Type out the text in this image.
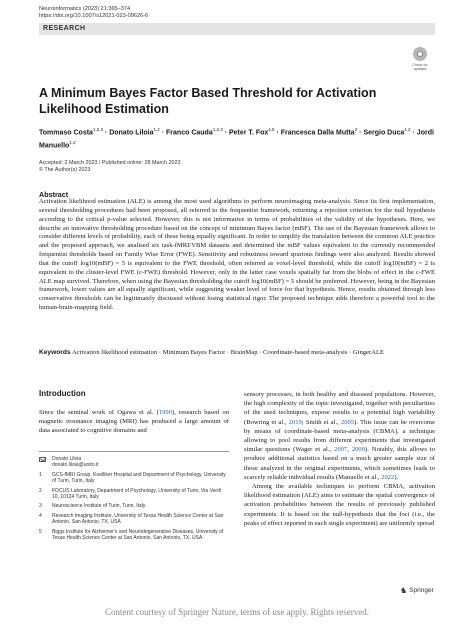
Neuroinformatics (2023) 21:365–374
https://doi.org/10.1007/s12021-023-09626-6
RESEARCH
Check for
updates
A Minimum Bayes Factor Based Threshold for Activation Likelihood Estimation
Tommaso Costa$^{1,2,3}$ · Donato Liloia$^{1,2}$ · Franco Cauda$^{1,2,3}$ · Peter T. Fox$^{4,5}$ · Francesca Dalla Mutta$^2$ · Sergio Duca$^{1,2}$ · Jordi Manuello$^{1,2}$
Accepted: 2 March 2023 / Published online: 28 March 2023
© The Author(s) 2023
Abstract

Activation likelihood estimation (ALE) is among the most used algorithms to perform neuroimaging meta-analysis. Since its first implementation, several thresholding procedures had been proposed, all referred to the frequentist framework, returning a rejection criterion for the null hypothesis according to the critical p-value selected. However, this is not informative in terms of probabilities of the validity of the hypotheses. Here, we describe an innovative thresholding procedure based on the concept of minimum Bayes factor (mBF). The use of the Bayesian framework allows to consider different levels of probability, each of these being equally significant. In order to simplify the translation between the common ALE practice and the proposed approach, we analised six task-fMRI/VBM datasets and determined the mBF values equivalent to the currently recommended frequentist thresholds based on Family Wise Error (FWE). Sensitivity and robustness toward spurious findings were also analyzed. Results showed that the cutoff log10(mBF) = 5 is equivalent to the FWE threshold, often referred as voxel-level threshold, while the cutoff log10(mBF) = 2 is equivalent to the cluster-level FWE (c-FWE) threshold. However, only in the latter case voxels spatially far from the blobs of effect in the c-FWE ALE map survived. Therefore, when using the Bayesian thresholding the cutoff log10(mBF) = 5 should be preferred. However, being in the Bayesian framework, lower values are all equally significant, while suggesting weaker level of force for that hypothesis. Hence, results obtained through less conservative thresholds can be legitimately discussed without losing statistical rigor. The proposed technique adds therefore a powerful tool to the human-brain-mapping field.

Keywords Activation likelihood estimation · Minimum Bayes Factor · BrainMap · Coordinate-based meta-analysis · GingerALE
Introduction

Since the seminal work of Ogawa et al. (1990), research based on magnetic resonance imaging (MRI) has produced a large amount of data associated to cognitive domains and

Donato Liloia
donato.liloia@unito.it
1	GCS-fMRI Group, Koelliker Hospital and Department of Psychology, University of Turin, Turin, Italy
2	FOCUS Laboratory, Department of Psychology, University of Turin, Via Verdi 10, 10124 Turin, Italy
3	Neuroscience Institute of Turin, Turin, Italy
4	Research Imaging Institute, University of Texas Health Science Center at San Antonio, San Antonio, TX, USA
5	Biggs Institute for Alzheimer's and Neurodegenerative Diseases, University of Texas Health Science Center at San Antonio, San Antonio, TX, USA

sensory processes, in both healthy and diseased populations. However, the high complexity of the topic investigated, together with peculiarities of the used techniques, expose results to a potential high variability (Bowring et al., 2019; Smith et al., 2005). This issue can be overcome by means of coordinate-based meta-analysis (CBMA), a technique allowing to pool results from different experiments that investigated similar questions (Wager et al., 2007, 2009). Notably, this allows to produce additional statistics based on a much greater sample size of those analyzed in the original experiments, which sometimes leads to scarcely reliable individual results (Manuello et al., 2022).

Among the available techniques to perform CBMA, activation likelihood estimation (ALE) aims to estimate the spatial convergence of activation probabilities between the results of previously published experiments. It is based on the null-hypothesis that the foci (i.e., the peaks of effect reported in each single experiment) are uniformly spread

♞ Springer
Content courtesy of Springer Nature, terms of use apply. Rights reserved.
